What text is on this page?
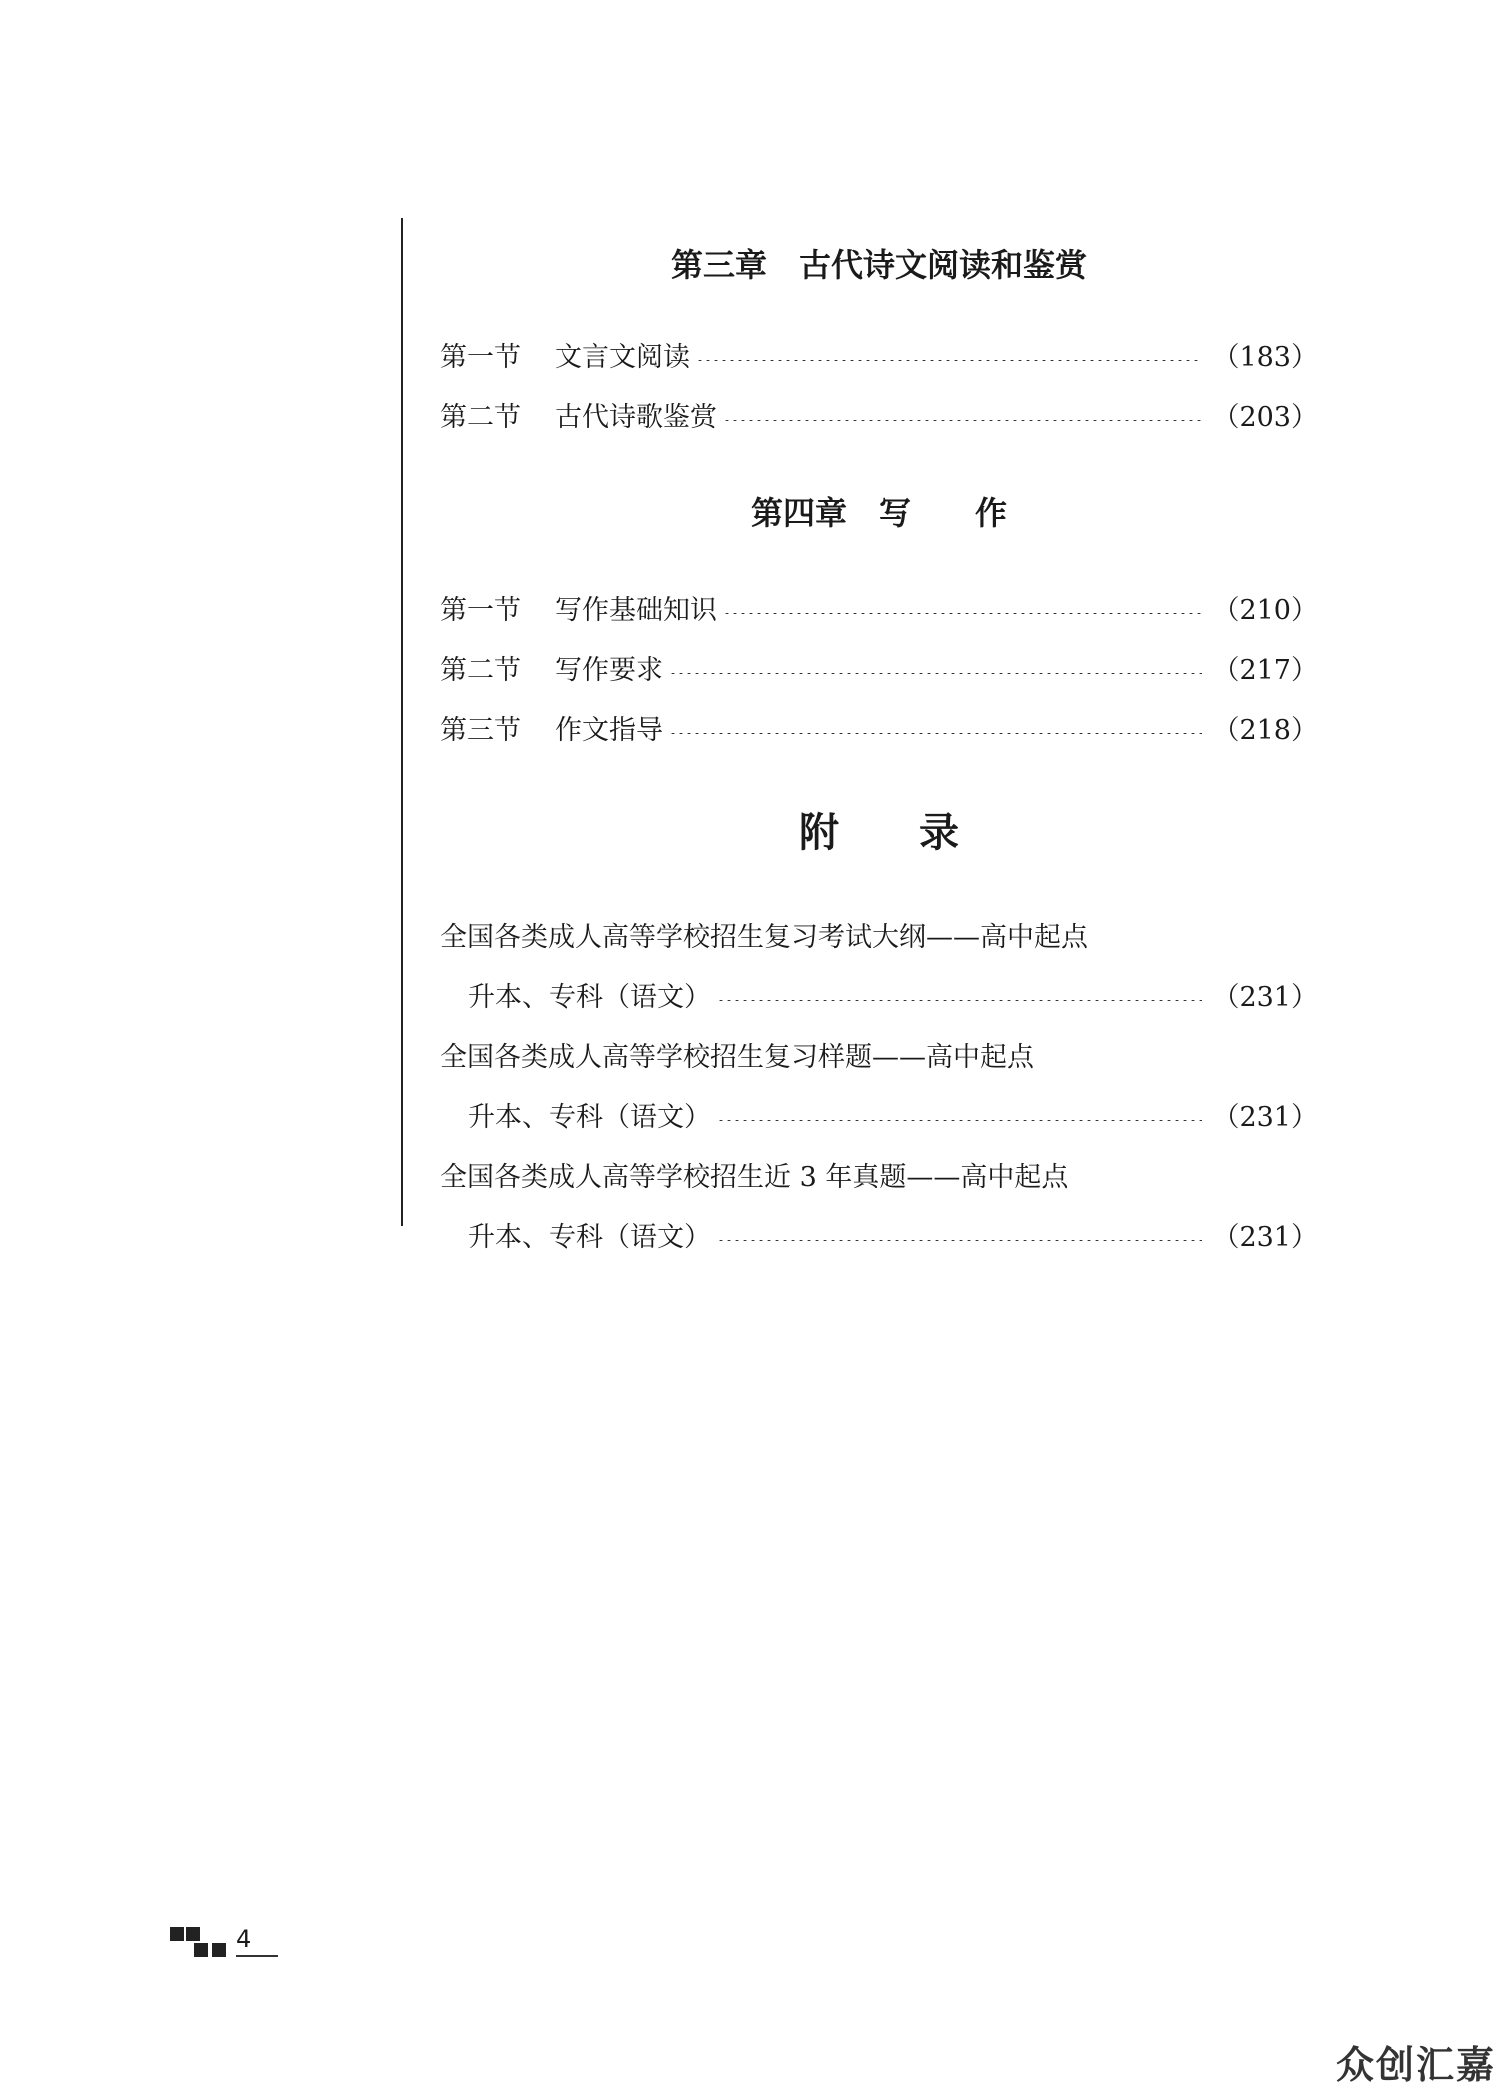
第三章　古代诗文阅读和鉴赏
第一节 文言文阅读	（183）
第二节 古代诗歌鉴赏	（203）
第四章　写　　作
第一节 写作基础知识	（210）
第二节 写作要求	（217）
第三节 作文指导	（218）
附　　录
全国各类成人高等学校招生复习考试大纲——高中起点
升本、专科（语文）	（231）
全国各类成人高等学校招生复习样题——高中起点
升本、专科（语文）	（231）
全国各类成人高等学校招生近 3 年真题——高中起点
升本、专科（语文）	（231）
4
众创汇嘉
